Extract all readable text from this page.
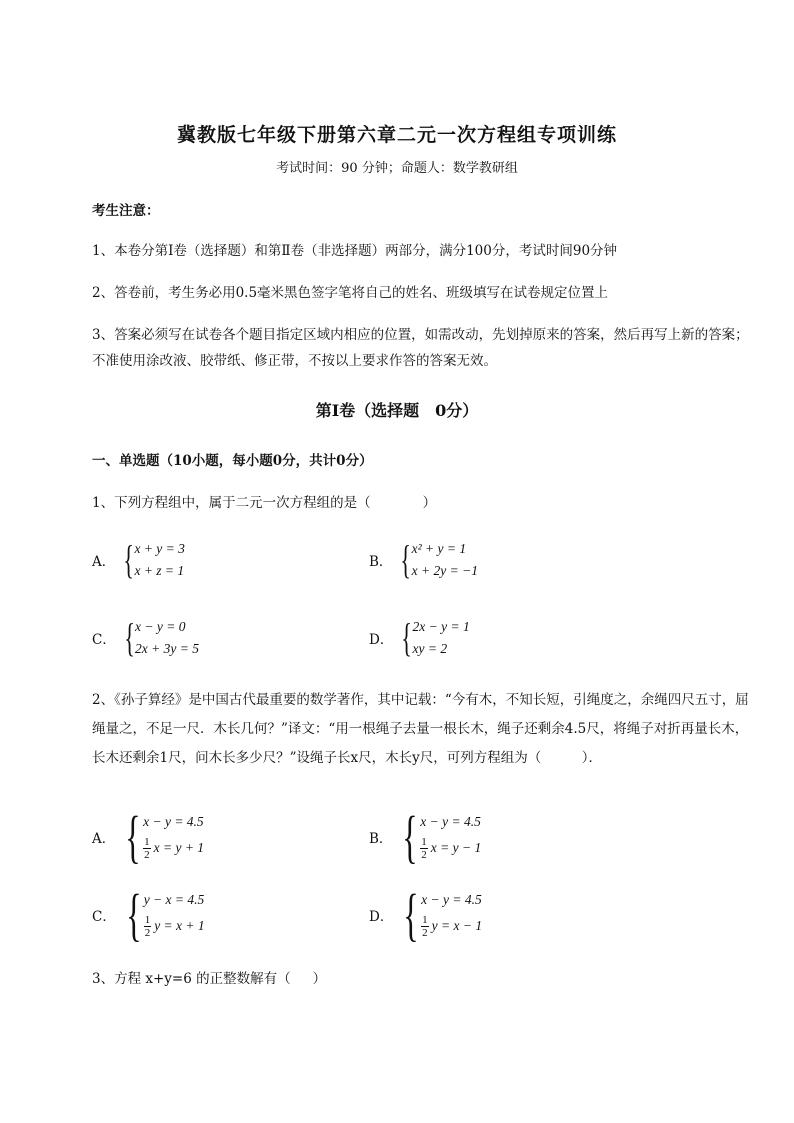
冀教版七年级下册第六章二元一次方程组专项训练
考试时间：90 分钟；命题人：数学教研组
考生注意：
1、本卷分第Ⅰ卷（选择题）和第Ⅱ卷（非选择题）两部分，满分100分，考试时间90分钟
2、答卷前，考生务必用0.5毫米黑色签字笔将自己的姓名、班级填写在试卷规定位置上
3、答案必须写在试卷各个题目指定区域内相应的位置，如需改动，先划掉原来的答案，然后再写上新的答案；不准使用涂改液、胶带纸、修正带，不按以上要求作答的答案无效。
第Ⅰ卷（选择题　0分）
一、单选题（10小题，每小题0分，共计0分）
1、下列方程组中，属于二元一次方程组的是（	）
A． { x + y = 3
x + z = 1
B． { x² + y = 1
x + 2y = −1
C． { x − y = 0
2x + 3y = 5
D． { 2x − y = 1
xy = 2
2、《孙子算经》是中国古代最重要的数学著作，其中记载：“今有木，不知长短，引绳度之，余绳四尺五寸，屈绳量之，不足一尺．木长几何？”译文：“用一根绳子去量一根长木，绳子还剩余4.5尺，将绳子对折再量长木，长木还剩余1尺，问木长多少尺？”设绳子长x尺，木长y尺，可列方程组为（　　　）．
A． { x − y = 4.5
$\frac{1}{2}$ x = y + 1
B． { x − y = 4.5
$\frac{1}{2}$ x = y − 1
C． { y − x = 4.5
$\frac{1}{2}$ y = x + 1
D． { x − y = 4.5
$\frac{1}{2}$ y = x − 1
3、方程 x+y=6 的正整数解有（ ）
